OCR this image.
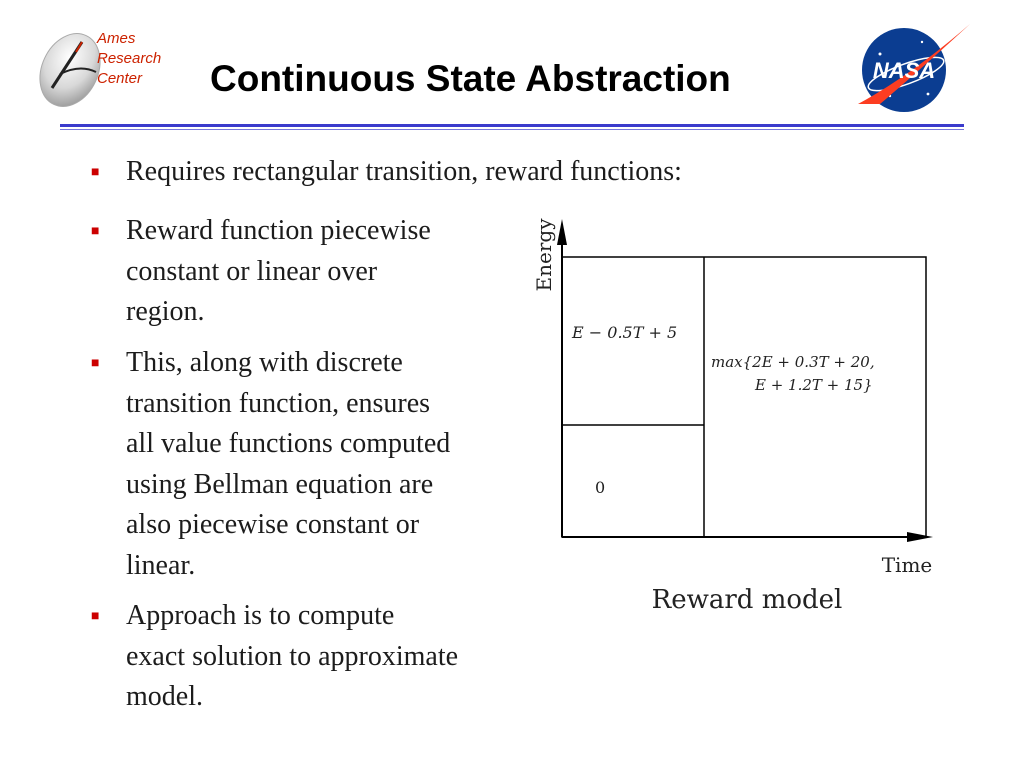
Ames
Research
Center	Continuous State Abstraction	NASA
■ Requires rectangular transition, reward functions:
■ Reward function piecewise
constant or linear over
region.
■ This, along with discrete
transition function, ensures
all value functions computed
using Bellman equation are
also piecewise constant or
linear.
■ Approach is to compute
exact solution to approximate
model.
Energy
Time
Reward model
E − 0.5T + 5
0
max{2E + 0.3T + 20,
E + 1.2T + 15}
